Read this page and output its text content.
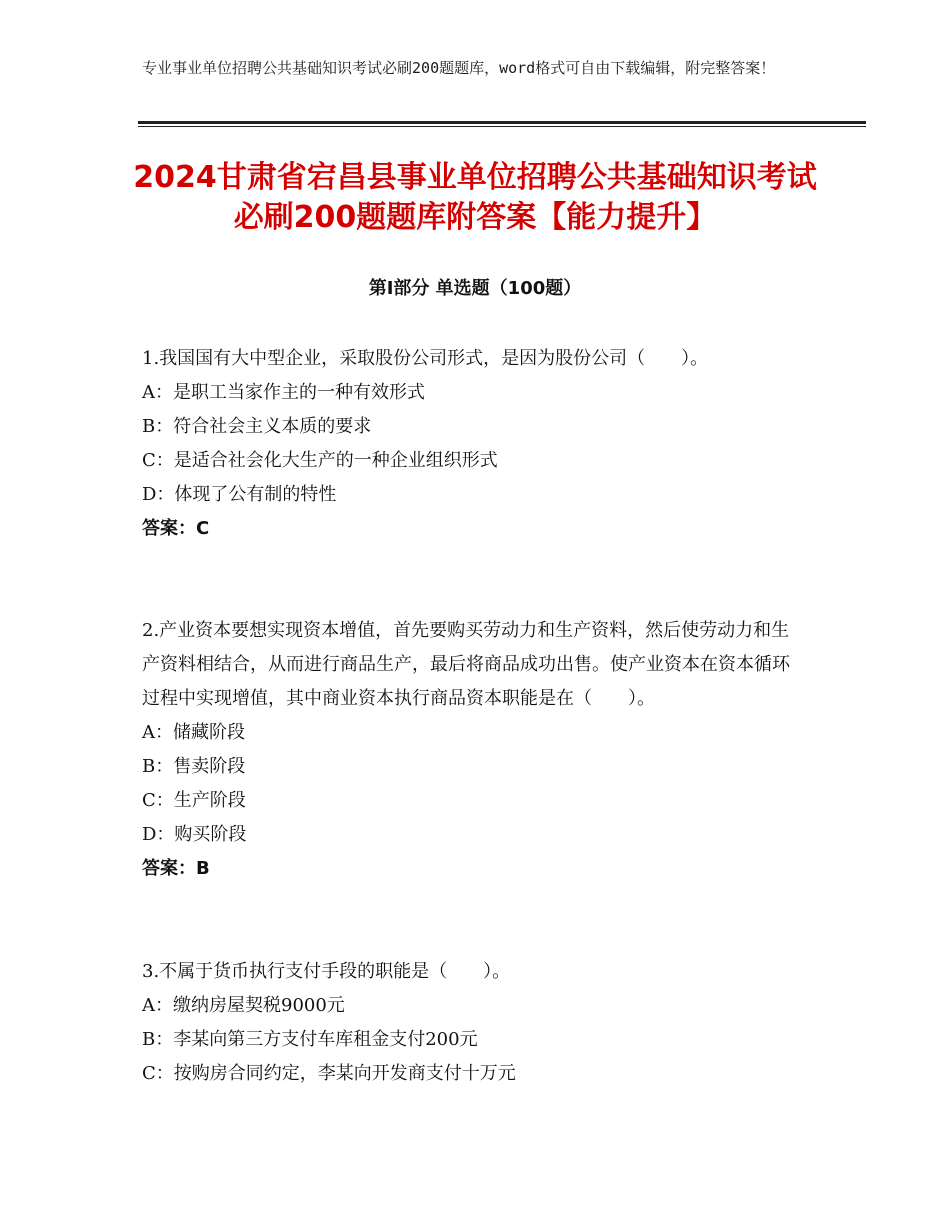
专业事业单位招聘公共基础知识考试必刷200题题库，word格式可自由下载编辑，附完整答案！
2024甘肃省宕昌县事业单位招聘公共基础知识考试必刷200题题库附答案【能力提升】
第Ⅰ部分 单选题（100题）
1.我国国有大中型企业，采取股份公司形式，是因为股份公司（　　）。
A：是职工当家作主的一种有效形式
B：符合社会主义本质的要求
C：是适合社会化大生产的一种企业组织形式
D：体现了公有制的特性
答案：C
2.产业资本要想实现资本增值，首先要购买劳动力和生产资料，然后使劳动力和生产资料相结合，从而进行商品生产，最后将商品成功出售。使产业资本在资本循环过程中实现增值，其中商业资本执行商品资本职能是在（　　）。
A：储藏阶段
B：售卖阶段
C：生产阶段
D：购买阶段
答案：B
3.不属于货币执行支付手段的职能是（　　）。
A：缴纳房屋契税9000元
B：李某向第三方支付车库租金支付200元
C：按购房合同约定，李某向开发商支付十万元
